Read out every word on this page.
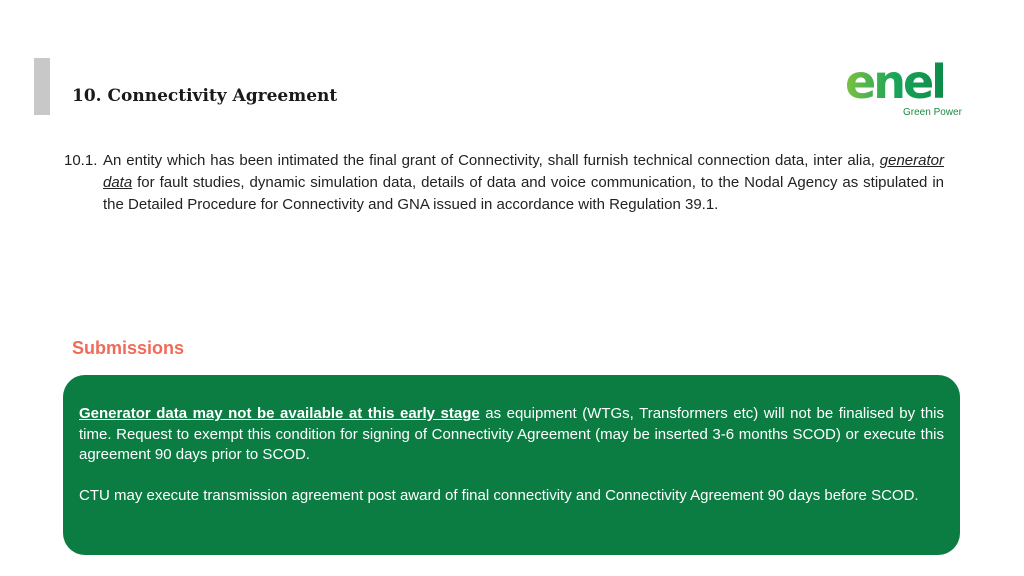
10. Connectivity Agreement	enel
Green Power
10.1. An entity which has been intimated the final grant of Connectivity, shall furnish technical connection data, inter alia, generator data for fault studies, dynamic simulation data, details of data and voice communication, to the Nodal Agency as stipulated in the Detailed Procedure for Connectivity and GNA issued in accordance with Regulation 39.1.
Submissions

Generator data may not be available at this early stage as equipment (WTGs, Transformers etc) will not be finalised by this time. Request to exempt this condition for signing of Connectivity Agreement (may be inserted 3-6 months SCOD) or execute this agreement 90 days prior to SCOD.

CTU may execute transmission agreement post award of final connectivity and Connectivity Agreement 90 days before SCOD.
